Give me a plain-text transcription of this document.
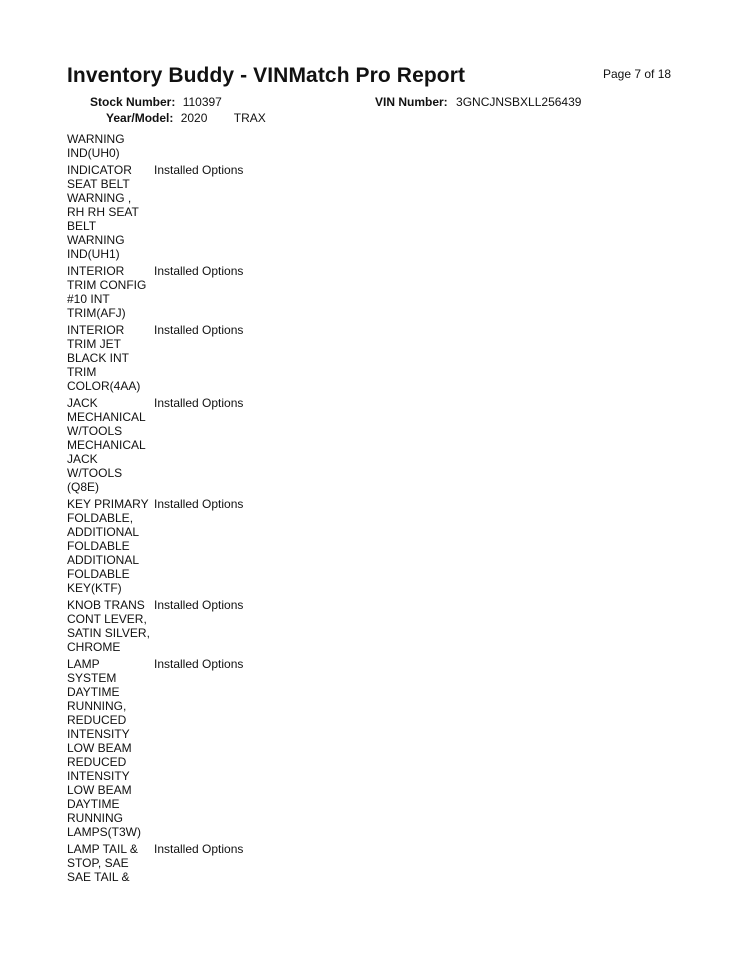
Inventory Buddy - VINMatch Pro Report	Page 7 of 18
Stock Number: 110397	VIN Number: 3GNCJNSBXLL256439
Year/Model: 2020 TRAX
WARNING
IND(UH0)
INDICATOR
SEAT BELT
WARNING ,
RH RH SEAT
BELT
WARNING
IND(UH1)
Installed Options
INTERIOR
TRIM CONFIG
#10 INT
TRIM(AFJ)
Installed Options
INTERIOR
TRIM JET
BLACK INT
TRIM
COLOR(4AA)
Installed Options
JACK
MECHANICAL
W/TOOLS
MECHANICAL
JACK
W/TOOLS
(Q8E)
Installed Options
KEY PRIMARY
FOLDABLE,
ADDITIONAL
FOLDABLE
ADDITIONAL
FOLDABLE
KEY(KTF)
Installed Options
KNOB TRANS
CONT LEVER,
SATIN SILVER,
CHROME
Installed Options
LAMP
SYSTEM
DAYTIME
RUNNING,
REDUCED
INTENSITY
LOW BEAM
REDUCED
INTENSITY
LOW BEAM
DAYTIME
RUNNING
LAMPS(T3W)
Installed Options
LAMP TAIL &
STOP, SAE
SAE TAIL &
Installed Options
